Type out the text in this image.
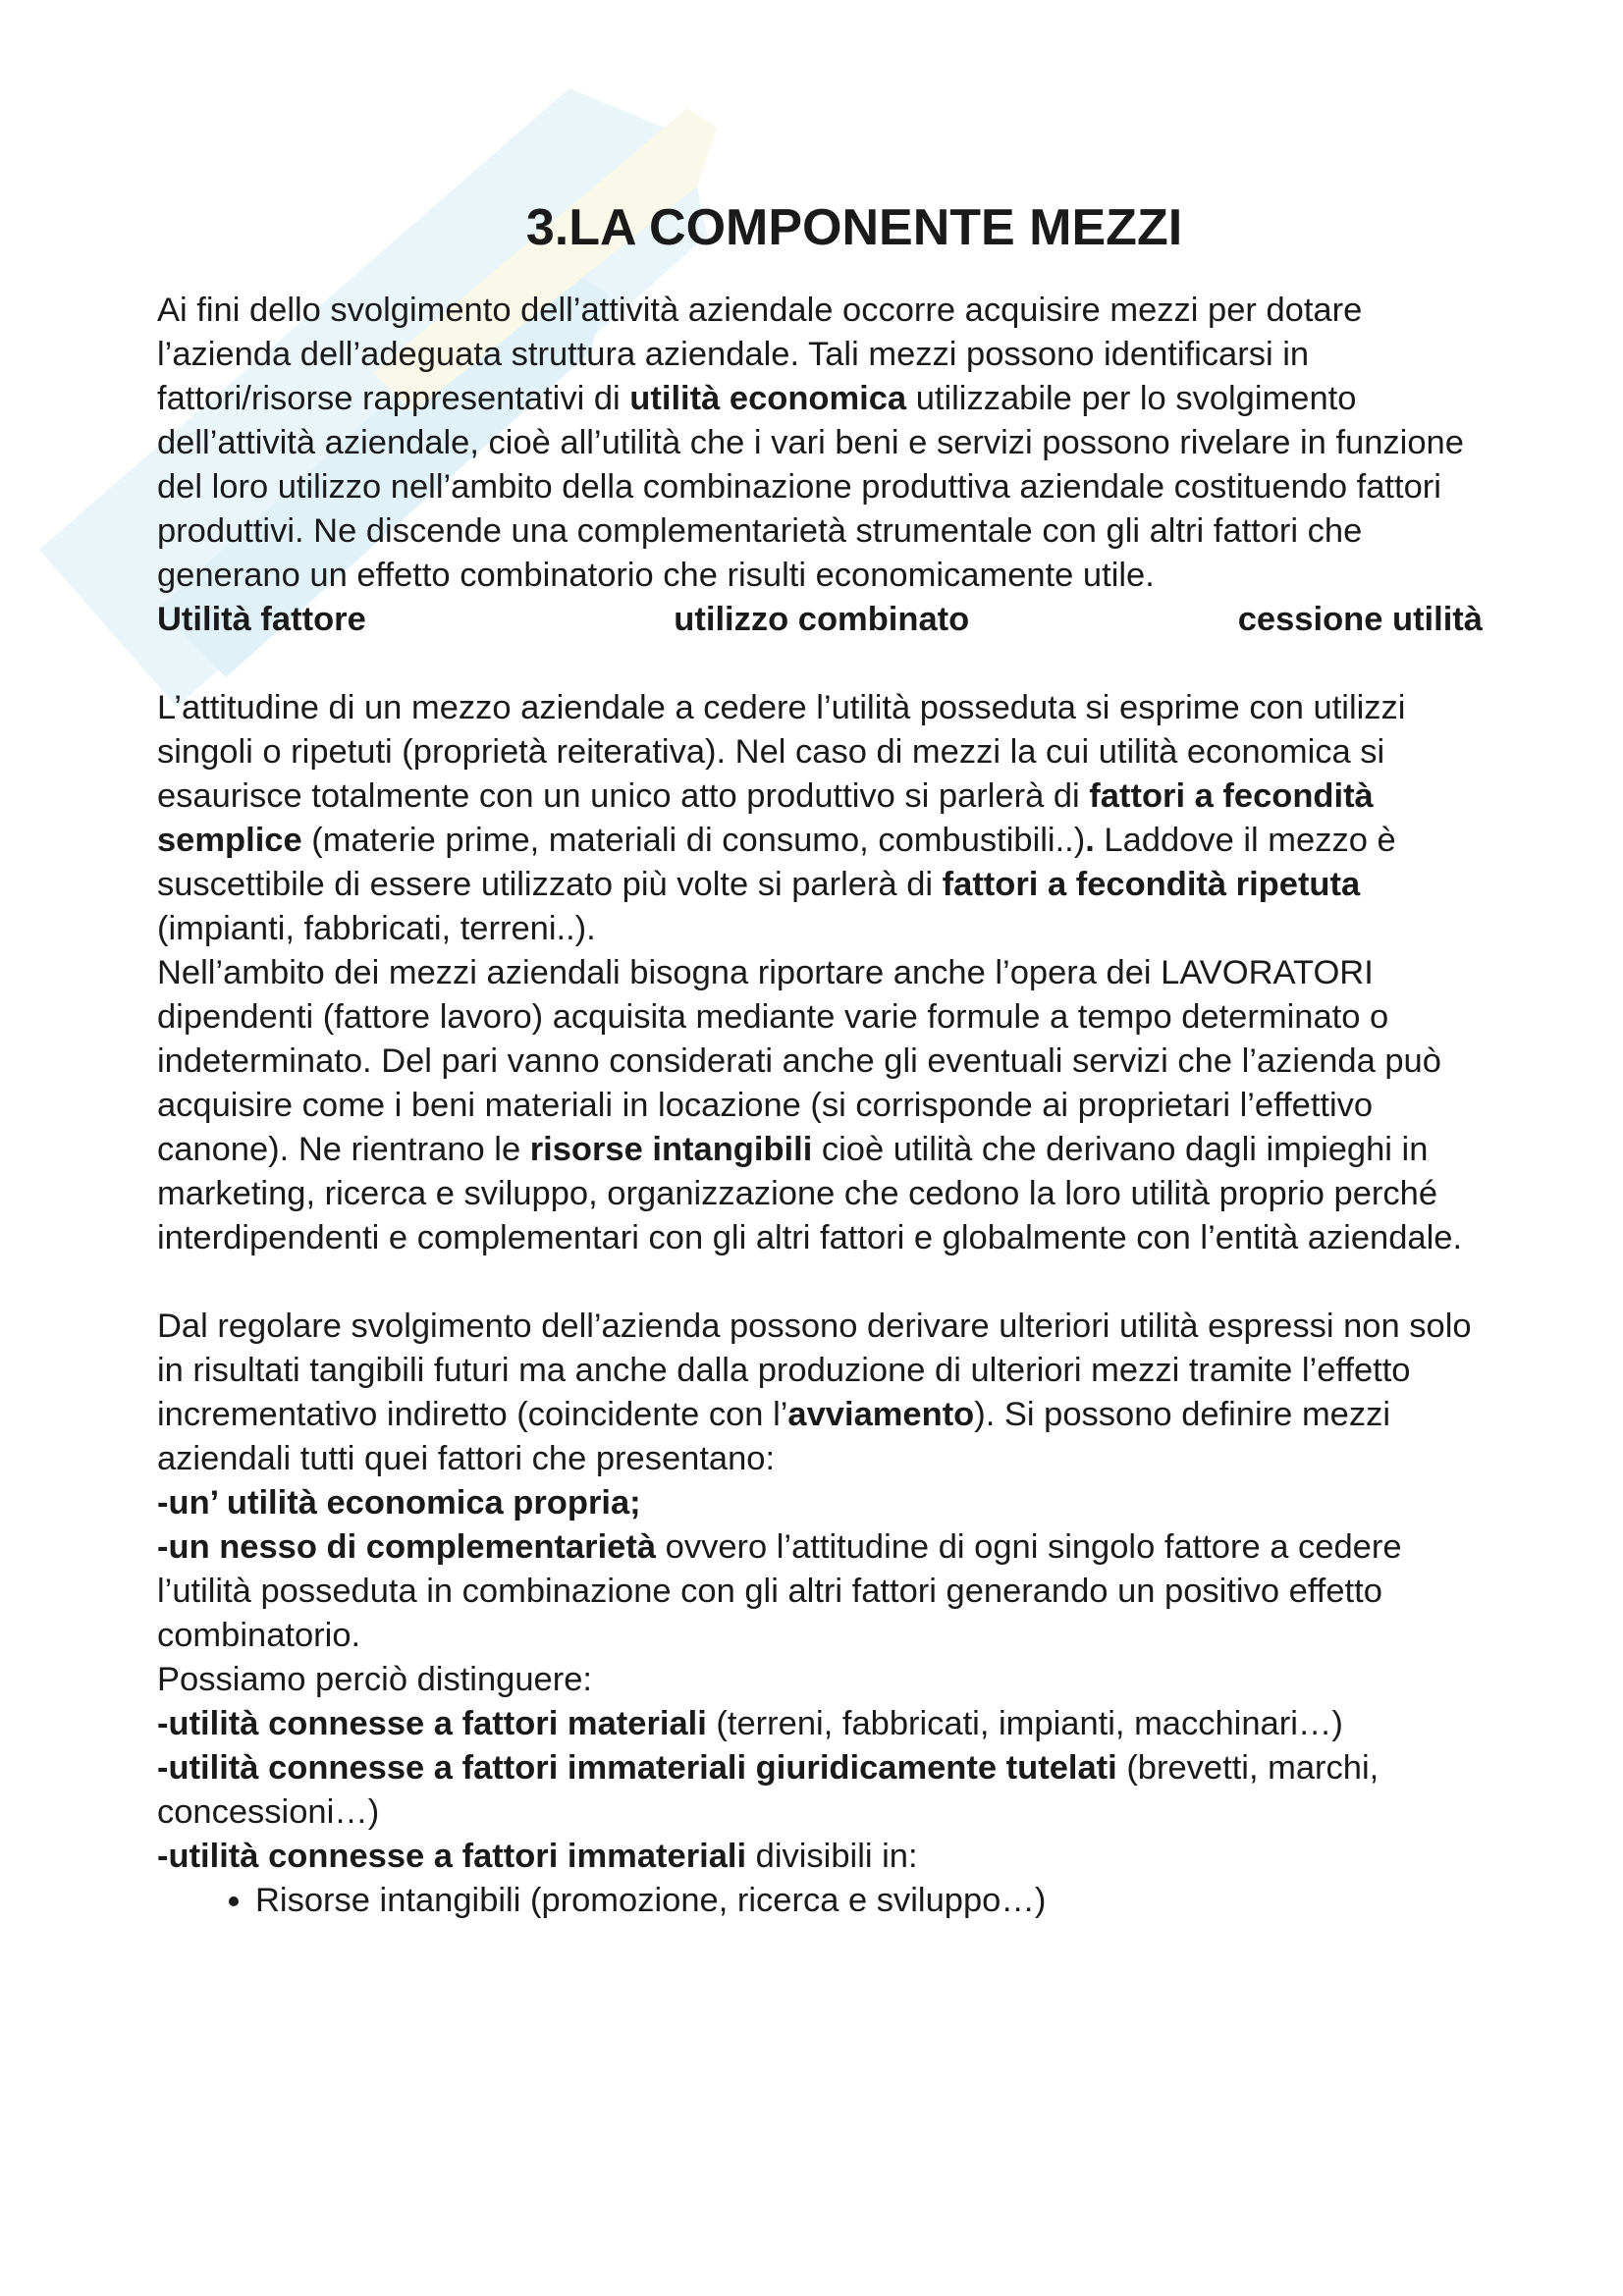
3.LA COMPONENTE MEZZI

Ai fini dello svolgimento dell’attività aziendale occorre acquisire mezzi per dotare l’azienda dell’adeguata struttura aziendale. Tali mezzi possono identificarsi in fattori/risorse rappresentativi di utilità economica utilizzabile per lo svolgimento dell’attività aziendale, cioè all’utilità che i vari beni e servizi possono rivelare in funzione del loro utilizzo nell’ambito della combinazione produttiva aziendale costituendo fattori produttivi. Ne discende una complementarietà strumentale con gli altri fattori che generano un effetto combinatorio che risulti economicamente utile.

Utilità fattore	utilizzo combinato	cessione utilità

L’attitudine di un mezzo aziendale a cedere l’utilità posseduta si esprime con utilizzi singoli o ripetuti (proprietà reiterativa). Nel caso di mezzi la cui utilità economica si esaurisce totalmente con un unico atto produttivo si parlerà di fattori a fecondità semplice (materie prime, materiali di consumo, combustibili..). Laddove il mezzo è suscettibile di essere utilizzato più volte si parlerà di fattori a fecondità ripetuta (impianti, fabbricati, terreni..).

Nell’ambito dei mezzi aziendali bisogna riportare anche l’opera dei LAVORATORI dipendenti (fattore lavoro) acquisita mediante varie formule a tempo determinato o indeterminato. Del pari vanno considerati anche gli eventuali servizi che l’azienda può acquisire come i beni materiali in locazione (si corrisponde ai proprietari l’effettivo canone). Ne rientrano le risorse intangibili cioè utilità che derivano dagli impieghi in marketing, ricerca e sviluppo, organizzazione che cedono la loro utilità proprio perché interdipendenti e complementari con gli altri fattori e globalmente con l’entità aziendale.

Dal regolare svolgimento dell’azienda possono derivare ulteriori utilità espressi non solo in risultati tangibili futuri ma anche dalla produzione di ulteriori mezzi tramite l’effetto incrementativo indiretto (coincidente con l’avviamento). Si possono definire mezzi aziendali tutti quei fattori che presentano:

-un’ utilità economica propria;

-un nesso di complementarietà ovvero l’attitudine di ogni singolo fattore a cedere l’utilità posseduta in combinazione con gli altri fattori generando un positivo effetto combinatorio.

Possiamo perciò distinguere:

-utilità connesse a fattori materiali (terreni, fabbricati, impianti, macchinari…)

-utilità connesse a fattori immateriali giuridicamente tutelati (brevetti, marchi, concessioni…)

-utilità connesse a fattori immateriali divisibili in:

• Risorse intangibili (promozione, ricerca e sviluppo…)
